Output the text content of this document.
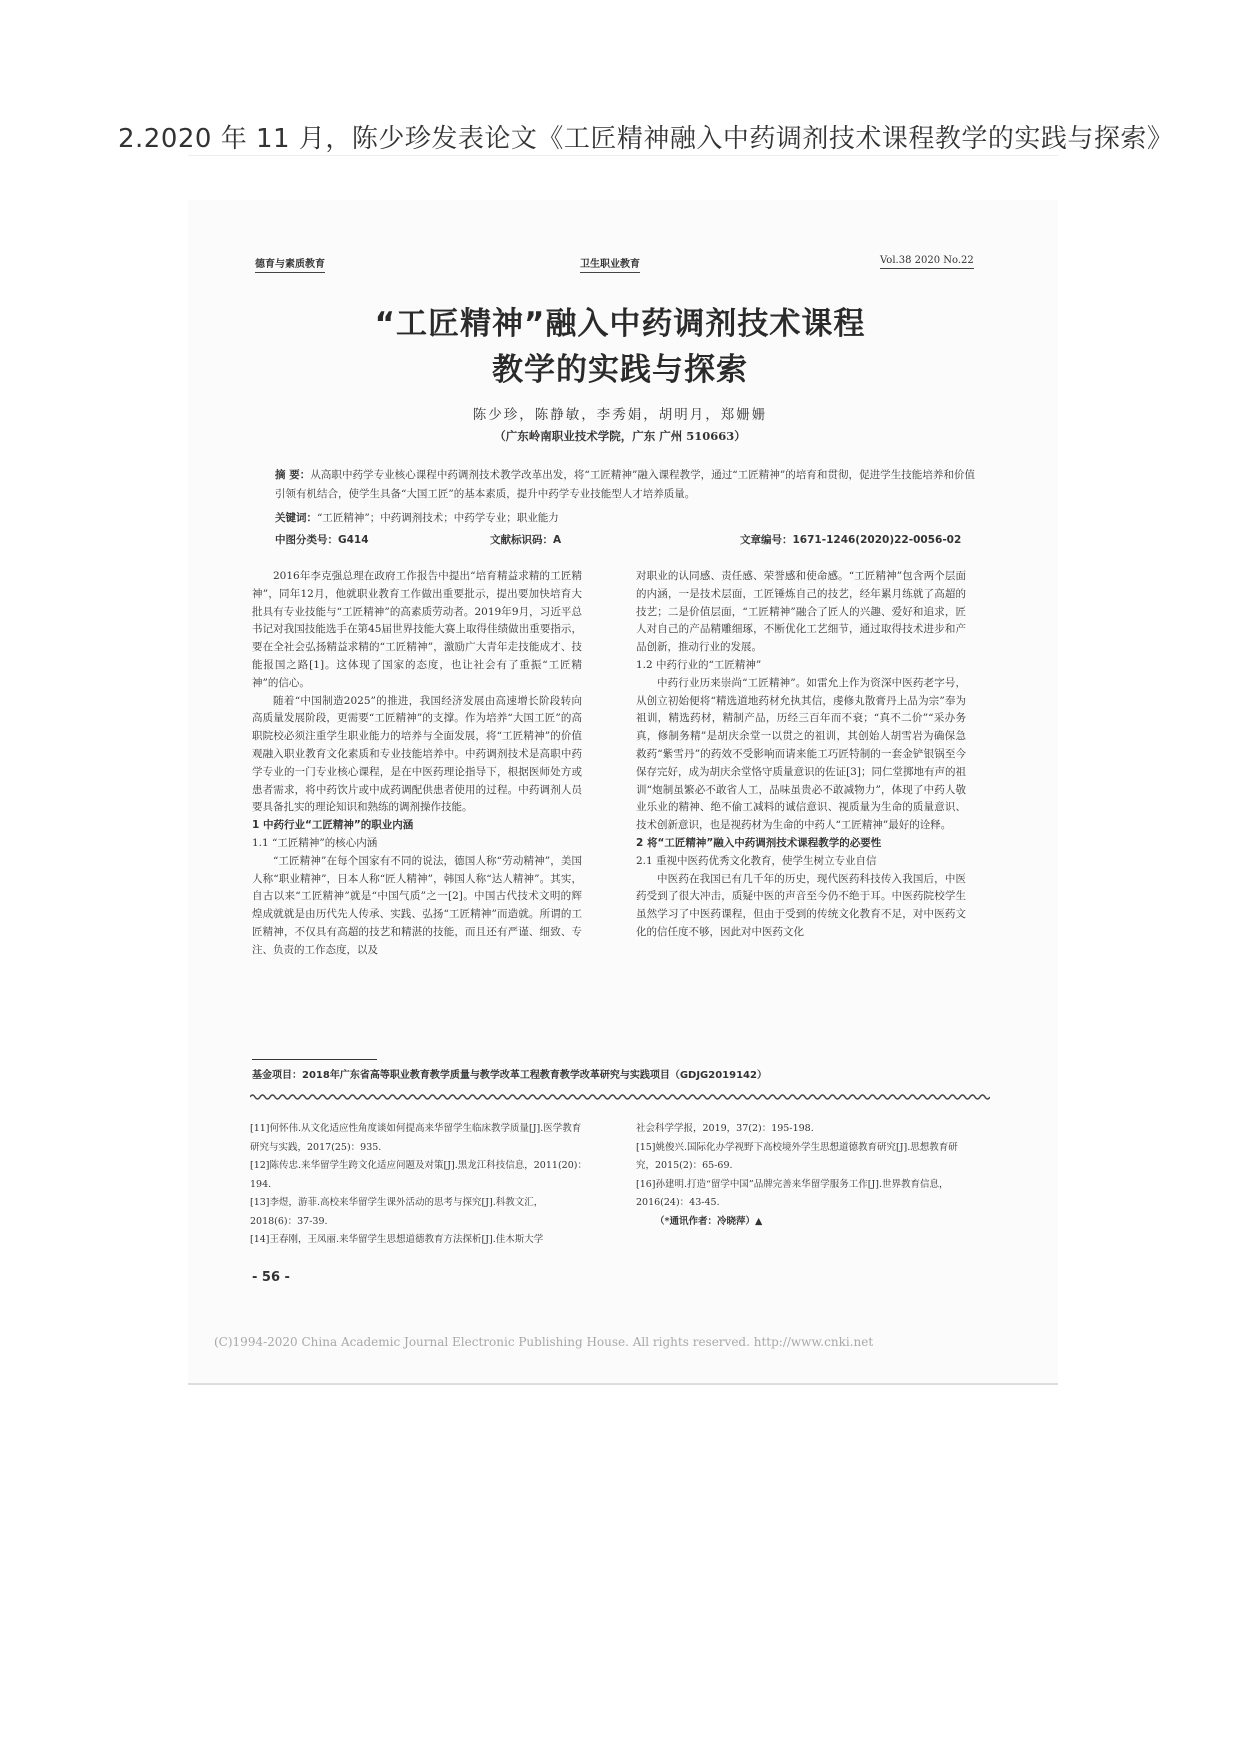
2.2020 年 11 月，陈少珍发表论文《工匠精神融入中药调剂技术课程教学的实践与探索》
德育与素质教育	卫生职业教育	Vol.38 2020 No.22
“工匠精神”融入中药调剂技术课程
教学的实践与探索
陈少珍，陈静敏，李秀娟，胡明月，郑姗姗
（广东岭南职业技术学院，广东 广州 510663）
摘 要：从高职中药学专业核心课程中药调剂技术教学改革出发，将“工匠精神”融入课程教学，通过“工匠精神”的培育和贯彻，促进学生技能培养和价值引领有机结合，使学生具备“大国工匠”的基本素质，提升中药学专业技能型人才培养质量。
关键词：“工匠精神”；中药调剂技术；中药学专业；职业能力
中图分类号：G414	文献标识码：A	文章编号：1671-1246(2020)22-0056-02

2016年李克强总理在政府工作报告中提出“培育精益求精的工匠精神”，同年12月，他就职业教育工作做出重要批示，提出要加快培育大批具有专业技能与“工匠精神”的高素质劳动者。2019年9月，习近平总书记对我国技能选手在第45届世界技能大赛上取得佳绩做出重要指示，要在全社会弘扬精益求精的“工匠精神”，激励广大青年走技能成才、技能报国之路[1]。这体现了国家的态度，也让社会有了重振“工匠精神”的信心。

随着“中国制造2025”的推进，我国经济发展由高速增长阶段转向高质量发展阶段，更需要“工匠精神”的支撑。作为培养“大国工匠”的高职院校必须注重学生职业能力的培养与全面发展，将“工匠精神”的价值观融入职业教育文化素质和专业技能培养中。中药调剂技术是高职中药学专业的一门专业核心课程，是在中医药理论指导下，根据医师处方或患者需求，将中药饮片或中成药调配供患者使用的过程。中药调剂人员要具备扎实的理论知识和熟练的调剂操作技能。

1 中药行业“工匠精神”的职业内涵

1.1 “工匠精神”的核心内涵

“工匠精神”在每个国家有不同的说法，德国人称“劳动精神”，美国人称“职业精神”，日本人称“匠人精神”，韩国人称“达人精神”。其实，自古以来“工匠精神”就是“中国气质”之一[2]。中国古代技术文明的辉煌成就就是由历代先人传承、实践、弘扬“工匠精神”而造就。所谓的工匠精神，不仅具有高超的技艺和精湛的技能，而且还有严谨、细致、专注、负责的工作态度，以及

对职业的认同感、责任感、荣誉感和使命感。“工匠精神”包含两个层面的内涵，一是技术层面，工匠锤炼自己的技艺，经年累月练就了高超的技艺；二是价值层面，“工匠精神”融合了匠人的兴趣、爱好和追求，匠人对自己的产品精雕细琢，不断优化工艺细节，通过取得技术进步和产品创新，推动行业的发展。

1.2 中药行业的“工匠精神”

中药行业历来崇尚“工匠精神”。如雷允上作为资深中医药老字号，从创立初始便将“精选道地药材允执其信，虔修丸散膏丹上品为宗”奉为祖训，精选药材，精制产品，历经三百年而不衰；“真不二价”“采办务真，修制务精”是胡庆余堂一以贯之的祖训，其创始人胡雪岩为确保急救药“紫雪丹”的药效不受影响而请来能工巧匠特制的一套金铲银锅至今保存完好，成为胡庆余堂恪守质量意识的佐证[3]；同仁堂掷地有声的祖训“炮制虽繁必不敢省人工，品味虽贵必不敢减物力”，体现了中药人敬业乐业的精神、绝不偷工减料的诚信意识、视质量为生命的质量意识、技术创新意识，也是视药材为生命的中药人“工匠精神”最好的诠释。

2 将“工匠精神”融入中药调剂技术课程教学的必要性

2.1 重视中医药优秀文化教育，使学生树立专业自信

中医药在我国已有几千年的历史，现代医药科技传入我国后，中医药受到了很大冲击，质疑中医的声音至今仍不绝于耳。中医药院校学生虽然学习了中医药课程，但由于受到的传统文化教育不足，对中医药文化的信任度不够，因此对中医药文化

基金项目：2018年广东省高等职业教育教学质量与教学改革工程教育教学改革研究与实践项目（GDJG2019142）

[11]何怀伟.从文化适应性角度谈如何提高来华留学生临床教学质量[J].医学教育研究与实践，2017(25)：935.

[12]陈传忠.来华留学生跨文化适应问题及对策[J].黑龙江科技信息，2011(20)：194.

[13]李煜，游菲.高校来华留学生课外活动的思考与探究[J].科教文汇，2018(6)：37-39.

[14]王春刚，王凤丽.来华留学生思想道德教育方法探析[J].佳木斯大学

社会科学学报，2019，37(2)：195-198.

[15]姚俊兴.国际化办学视野下高校境外学生思想道德教育研究[J].思想教育研究，2015(2)：65-69.

[16]孙建明.打造“留学中国”品牌完善来华留学服务工作[J].世界教育信息，2016(24)：43-45.

（*通讯作者：冷晓萍）▲

- 56 -
(C)1994-2020 China Academic Journal Electronic Publishing House. All rights reserved. http://www.cnki.net
